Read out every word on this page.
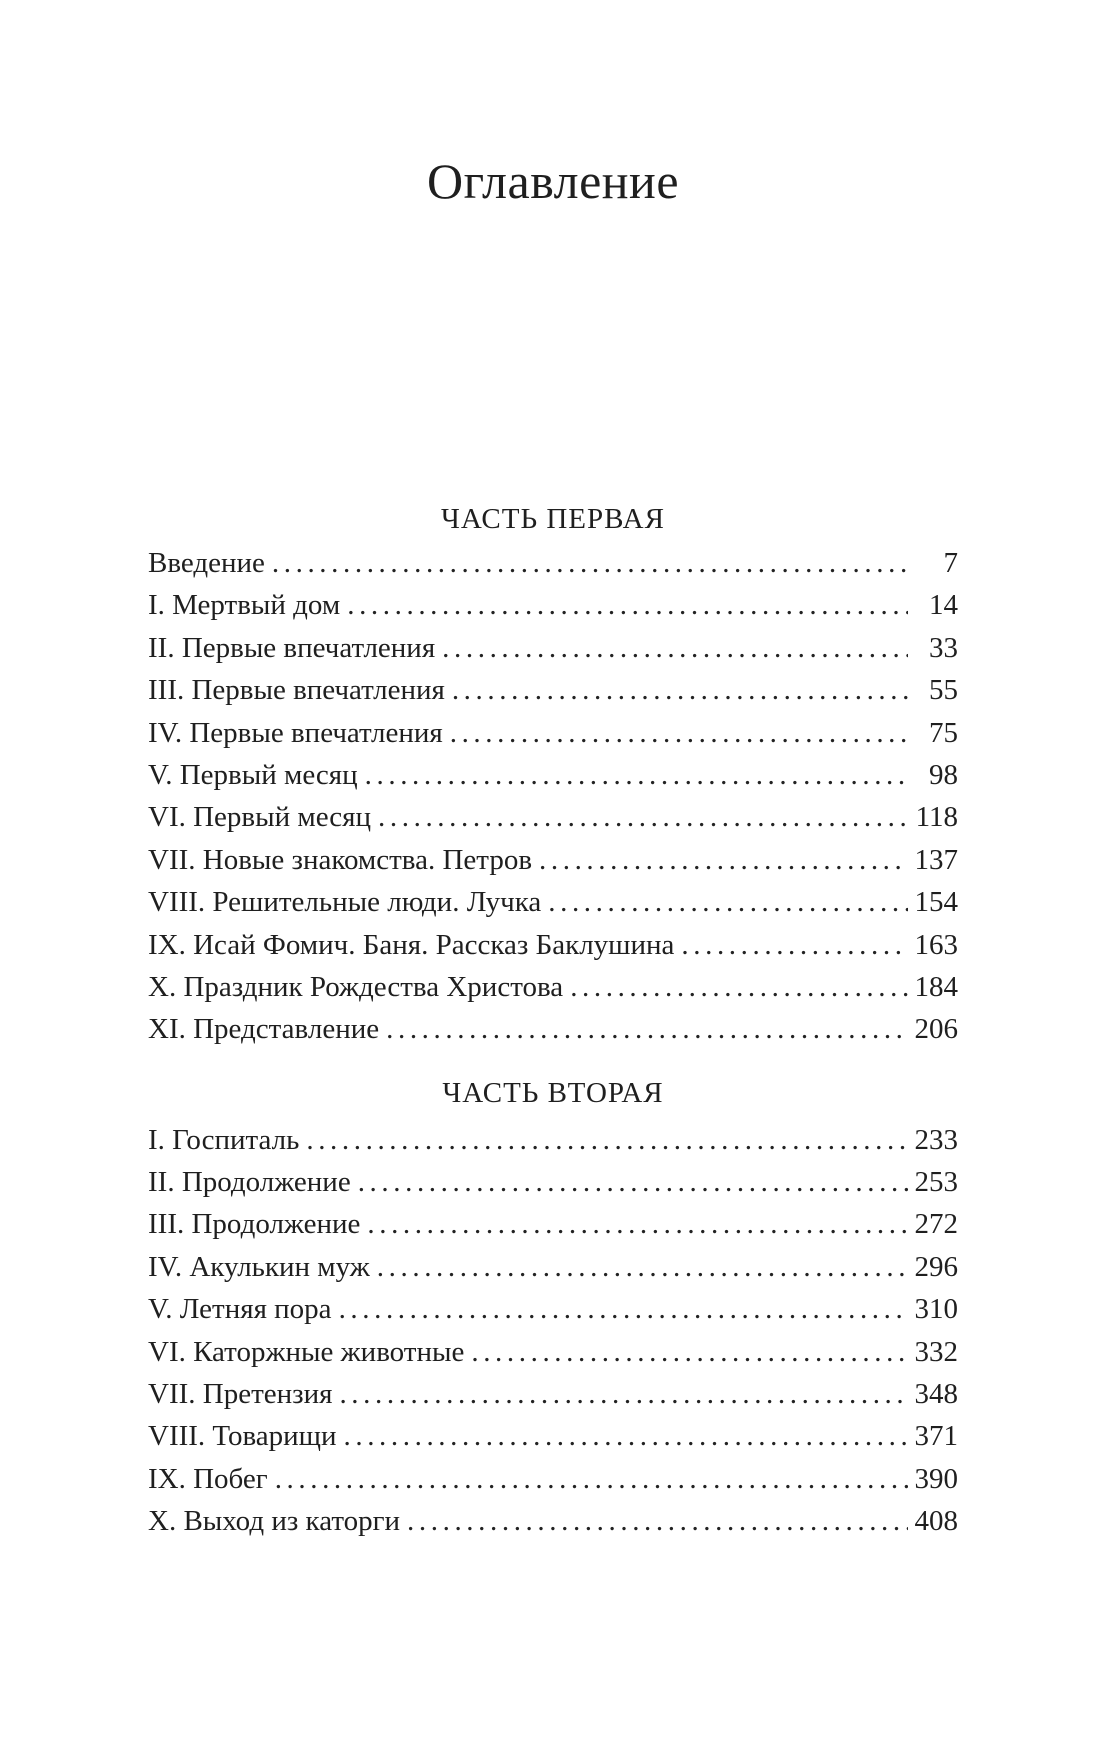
Оглавление
ЧАСТЬ ПЕРВАЯ
Введение .....	7
I. Мертвый дом .....	14
II. Первые впечатления .....	33
III. Первые впечатления .....	55
IV. Первые впечатления .....	75
V. Первый месяц .....	98
VI. Первый месяц .....	118
VII. Новые знакомства. Петров .....	137
VIII. Решительные люди. Лучка .....	154
IX. Исай Фомич. Баня. Рассказ Баклушина .....	163
X. Праздник Рождества Христова .....	184
XI. Представление .....	206
ЧАСТЬ ВТОРАЯ
I. Госпиталь .....	233
II. Продолжение .....	253
III. Продолжение .....	272
IV. Акулькин муж .....	296
V. Летняя пора .....	310
VI. Каторжные животные .....	332
VII. Претензия .....	348
VIII. Товарищи .....	371
IX. Побег .....	390
X. Выход из каторги .....	408
